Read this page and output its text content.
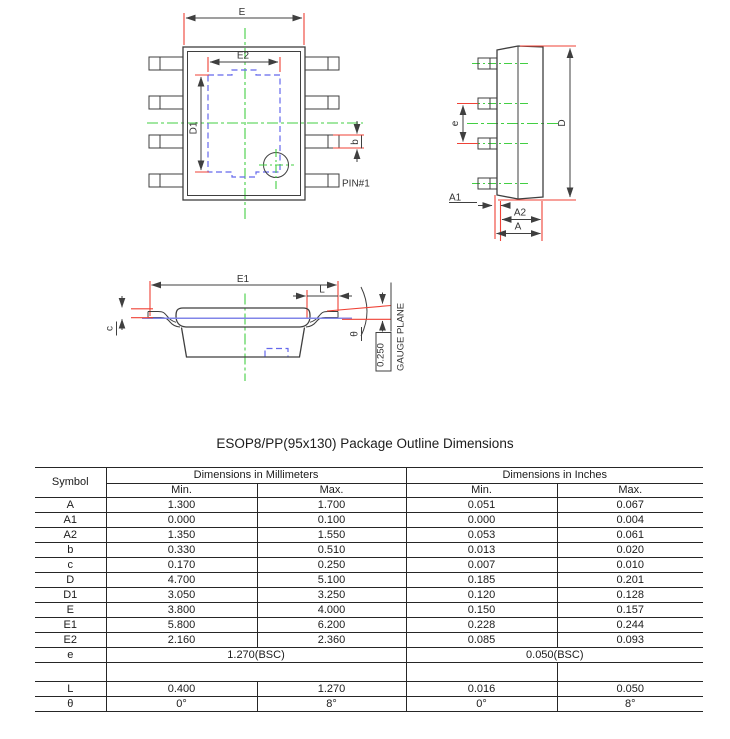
E
E2
D1
b
PIN#1
e	D
A1
A2
A
E1
L
c
θ
0.250 GAUGE PLANE
ESOP8/PP(95x130) Package Outline Dimensions
Symbol	Dimensions in Millimeters		Dimensions in Inches	
	Min.	Max.	Min.	Max.
A	1.300	1.700	0.051	0.067
A1	0.000	0.100	0.000	0.004
A2	1.350	1.550	0.053	0.061
b	0.330	0.510	0.013	0.020
c	0.170	0.250	0.007	0.010
D	4.700	5.100	0.185	0.201
D1	3.050	3.250	0.120	0.128
E	3.800	4.000	0.150	0.157
E1	5.800	6.200	0.228	0.244
E2	2.160	2.360	0.085	0.093
e	1.270(BSC)		0.050(BSC)	

L	0.400	1.270	0.016	0.050
θ	0°	8°	0°	8°
